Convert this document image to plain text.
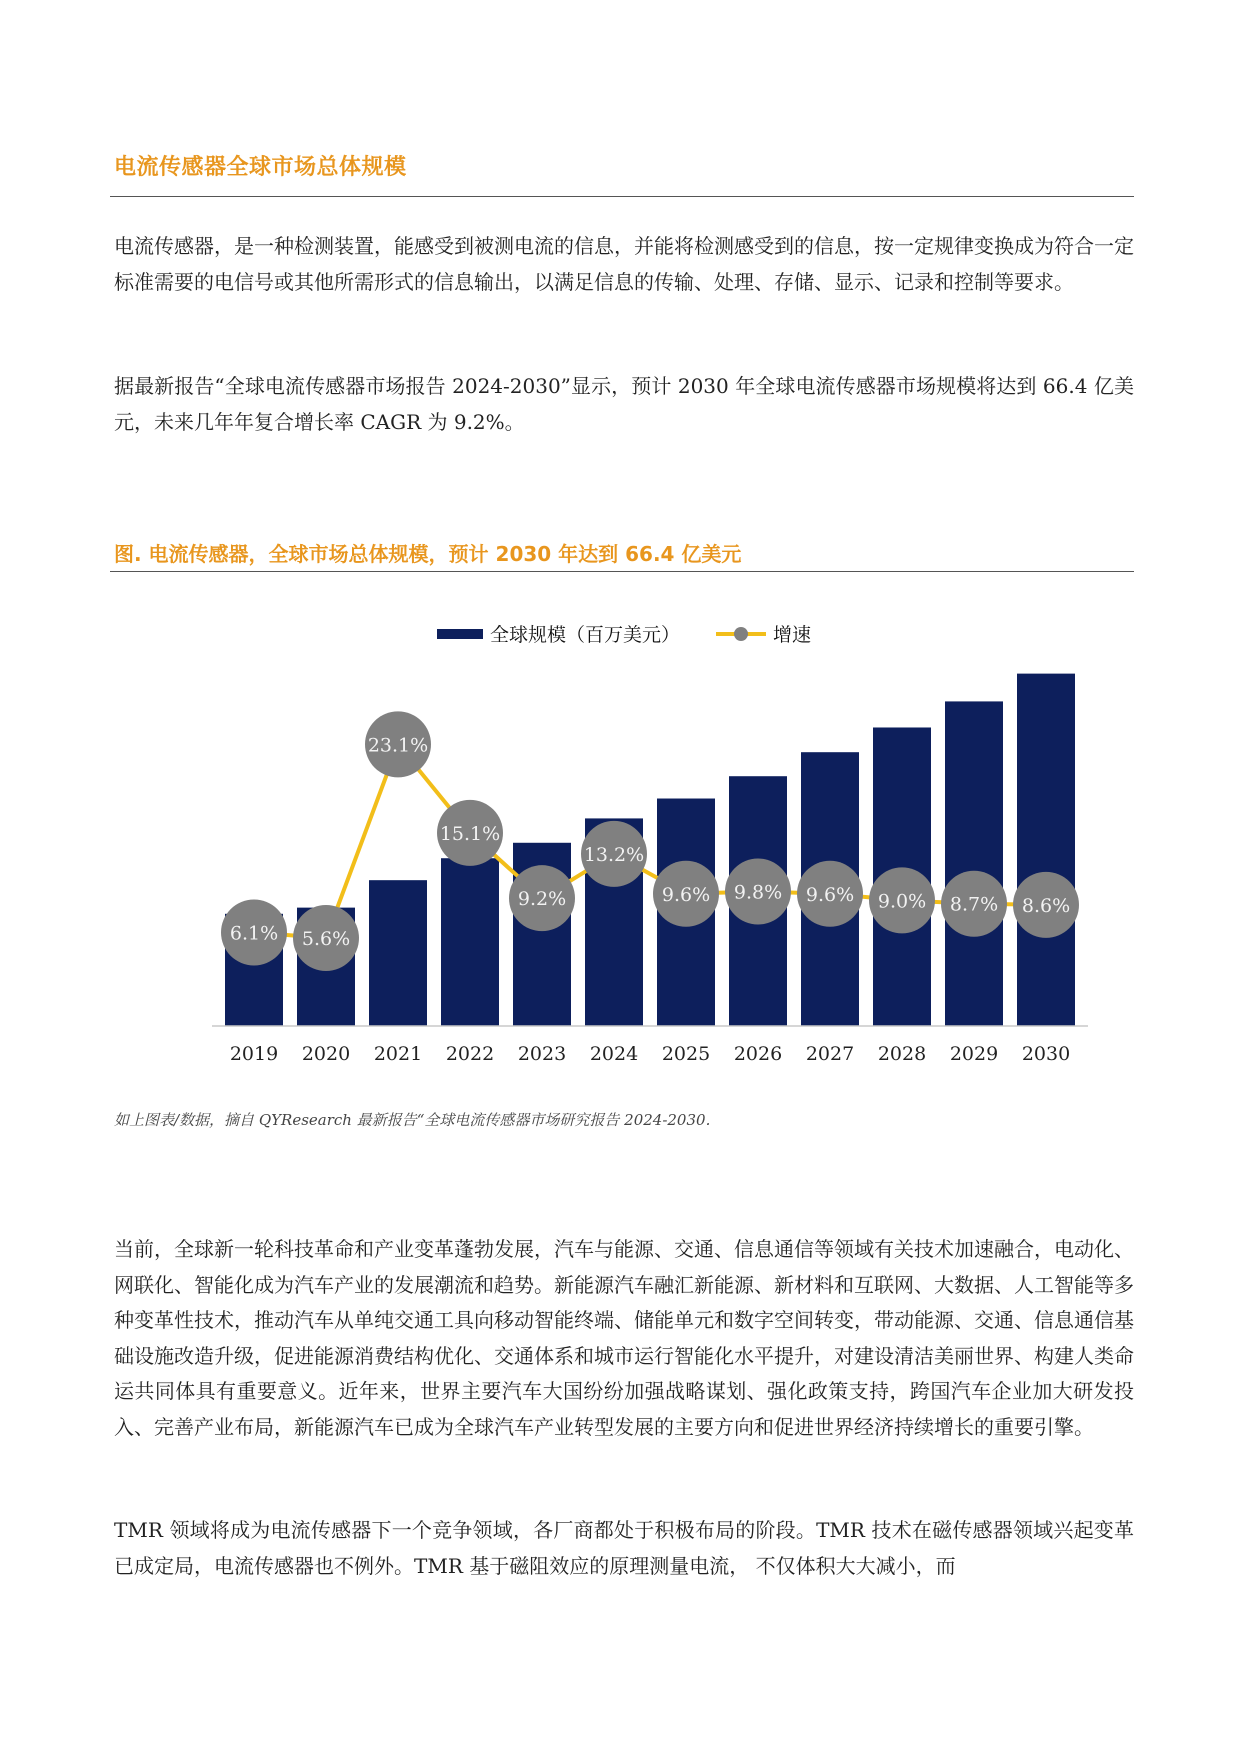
电流传感器全球市场总体规模

电流传感器，是一种检测装置，能感受到被测电流的信息，并能将检测感受到的信息，按一定规律变换成为符合一定标准需要的电信号或其他所需形式的信息输出，以满足信息的传输、处理、存储、显示、记录和控制等要求。

据最新报告“全球电流传感器市场报告 2024-2030”显示，预计 2030 年全球电流传感器市场规模将达到 66.4 亿美元，未来几年年复合增长率 CAGR 为 9.2%。

图. 电流传感器，全球市场总体规模，预计 2030 年达到 66.4 亿美元
2019 2020 2021 2022 2023 2024 2025 2026 2027 2028 2029 2030
6.1% 5.6%
23.1%
15.1%
9.2%
13.2%
9.6% 9.8% 9.6% 9.0% 8.7% 8.6%
全球规模（百万美元）	增速
如上图表/数据，摘自 QYResearch 最新报告“全球电流传感器市场研究报告 2024-2030.

当前，全球新一轮科技革命和产业变革蓬勃发展，汽车与能源、交通、信息通信等领域有关技术加速融合，电动化、网联化、智能化成为汽车产业的发展潮流和趋势。新能源汽车融汇新能源、新材料和互联网、大数据、人工智能等多种变革性技术，推动汽车从单纯交通工具向移动智能终端、储能单元和数字空间转变，带动能源、交通、信息通信基础设施改造升级，促进能源消费结构优化、交通体系和城市运行智能化水平提升，对建设清洁美丽世界、构建人类命运共同体具有重要意义。近年来，世界主要汽车大国纷纷加强战略谋划、强化政策支持，跨国汽车企业加大研发投入、完善产业布局，新能源汽车已成为全球汽车产业转型发展的主要方向和促进世界经济持续增长的重要引擎。

TMR 领域将成为电流传感器下一个竞争领域，各厂商都处于积极布局的阶段。TMR 技术在磁传感器领域兴起变革已成定局，电流传感器也不例外。TMR 基于磁阻效应的原理测量电流， 不仅体积大大减小，而
